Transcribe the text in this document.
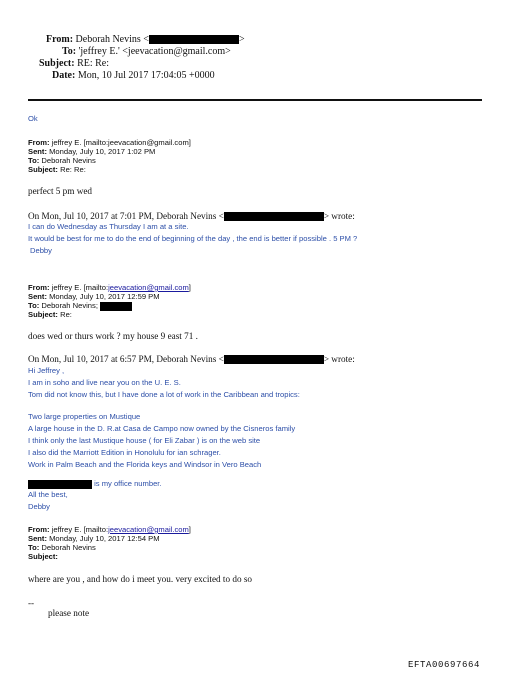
From: Deborah Nevins <	>
To: 'jeffrey E.' <jeevacation@gmail.com>
Subject: RE: Re:
Date: Mon, 10 Jul 2017 17:04:05 +0000
Ok
From: jeffrey E. [mailto:jeevacation@gmail.com]
Sent: Monday, July 10, 2017 1:02 PM
To: Deborah Nevins
Subject: Re: Re:
perfect 5 pm wed
On Mon, Jul 10, 2017 at 7:01 PM, Deborah Nevins <	> wrote:
I can do Wednesday as Thursday I am at a site.
It would be best for me to do the end of beginning of the day , the end is better if possible . 5 PM ?
Debby
From: jeffrey E. [mailto:jeevacation@gmail.com]
Sent: Monday, July 10, 2017 12:59 PM
To: Deborah Nevins;
Subject: Re:
does wed or thurs work ? my house 9 east 71 .
On Mon, Jul 10, 2017 at 6:57 PM, Deborah Nevins <	> wrote:
Hi Jeffrey ,
I am in soho and live near you on the U. E. S.
Tom did not know this, but I have done a lot of work in the Caribbean and tropics:
Two large properties on Mustique
A large house in the D. R.at Casa de Campo now owned by the Cisneros family
I think only the last Mustique house ( for Eli Zabar ) is on the web site
I also did the Marriott Edition in Honolulu for ian schrager.
Work in Palm Beach and the Florida keys and Windsor in Vero Beach
is my office number.
All the best,
Debby
From: jeffrey E. [mailto:jeevacation@gmail.com]
Sent: Monday, July 10, 2017 12:54 PM
To: Deborah Nevins
Subject:
where are you , and how do i meet you. very excited to do so
--
please note
EFTA00697664
